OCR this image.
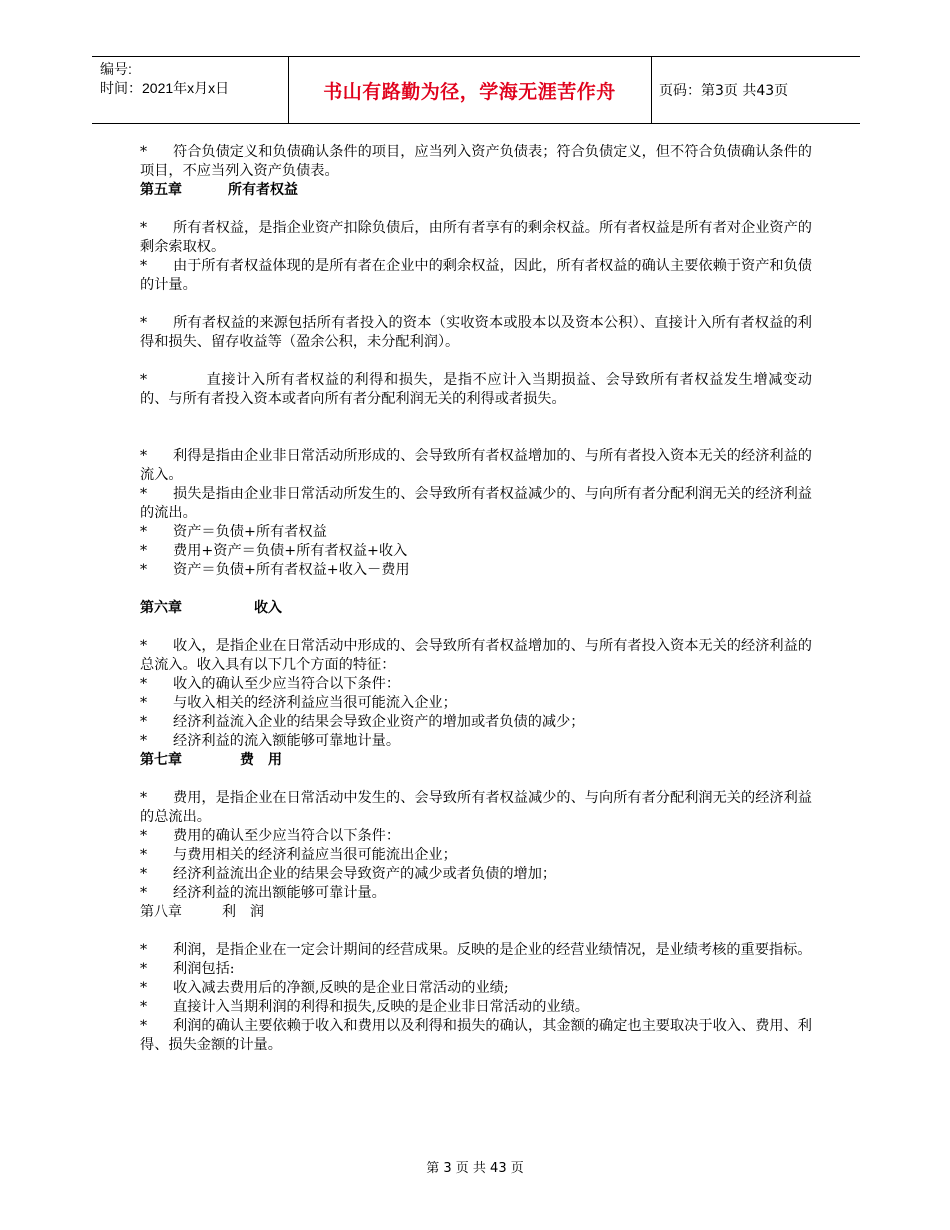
编号:
时间：2021年x月x日	书山有路勤为径，学海无涯苦作舟	页码：第3页 共43页

* 符合负债定义和负债确认条件的项目，应当列入资产负债表；符合负债定义，但不符合负债确认条件的项目，不应当列入资产负债表。

第五章	所有者权益

* 所有者权益，是指企业资产扣除负债后，由所有者享有的剩余权益。所有者权益是所有者对企业资产的剩余索取权。

* 由于所有者权益体现的是所有者在企业中的剩余权益，因此，所有者权益的确认主要依赖于资产和负债的计量。

* 所有者权益的来源包括所有者投入的资本（实收资本或股本以及资本公积）、直接计入所有者权益的利得和损失、留存收益等（盈余公积，未分配利润）。

*	直接计入所有者权益的利得和损失，是指不应计入当期损益、会导致所有者权益发生增减变动的、与所有者投入资本或者向所有者分配利润无关的利得或者损失。

* 利得是指由企业非日常活动所形成的、会导致所有者权益增加的、与所有者投入资本无关的经济利益的流入。

* 损失是指由企业非日常活动所发生的、会导致所有者权益减少的、与向所有者分配利润无关的经济利益的流出。

* 资产＝负债+所有者权益

* 费用+资产＝负债+所有者权益+收入

* 资产＝负债+所有者权益+收入－费用

第六章	收入

* 收入，是指企业在日常活动中形成的、会导致所有者权益增加的、与所有者投入资本无关的经济利益的总流入。收入具有以下几个方面的特征：

* 收入的确认至少应当符合以下条件：

* 与收入相关的经济利益应当很可能流入企业；

* 经济利益流入企业的结果会导致企业资产的增加或者负债的减少；

* 经济利益的流入额能够可靠地计量。

第七章	费　用

* 费用，是指企业在日常活动中发生的、会导致所有者权益减少的、与向所有者分配利润无关的经济利益的总流出。

* 费用的确认至少应当符合以下条件：

* 与费用相关的经济利益应当很可能流出企业；

* 经济利益流出企业的结果会导致资产的减少或者负债的增加；

* 经济利益的流出额能够可靠计量。

第八章	利　润

* 利润，是指企业在一定会计期间的经营成果。反映的是企业的经营业绩情况，是业绩考核的重要指标。

* 利润包括:

* 收入减去费用后的净额,反映的是企业日常活动的业绩;

* 直接计入当期利润的利得和损失,反映的是企业非日常活动的业绩。

* 利润的确认主要依赖于收入和费用以及利得和损失的确认，其金额的确定也主要取决于收入、费用、利得、损失金额的计量。

第 3 页 共 43 页
